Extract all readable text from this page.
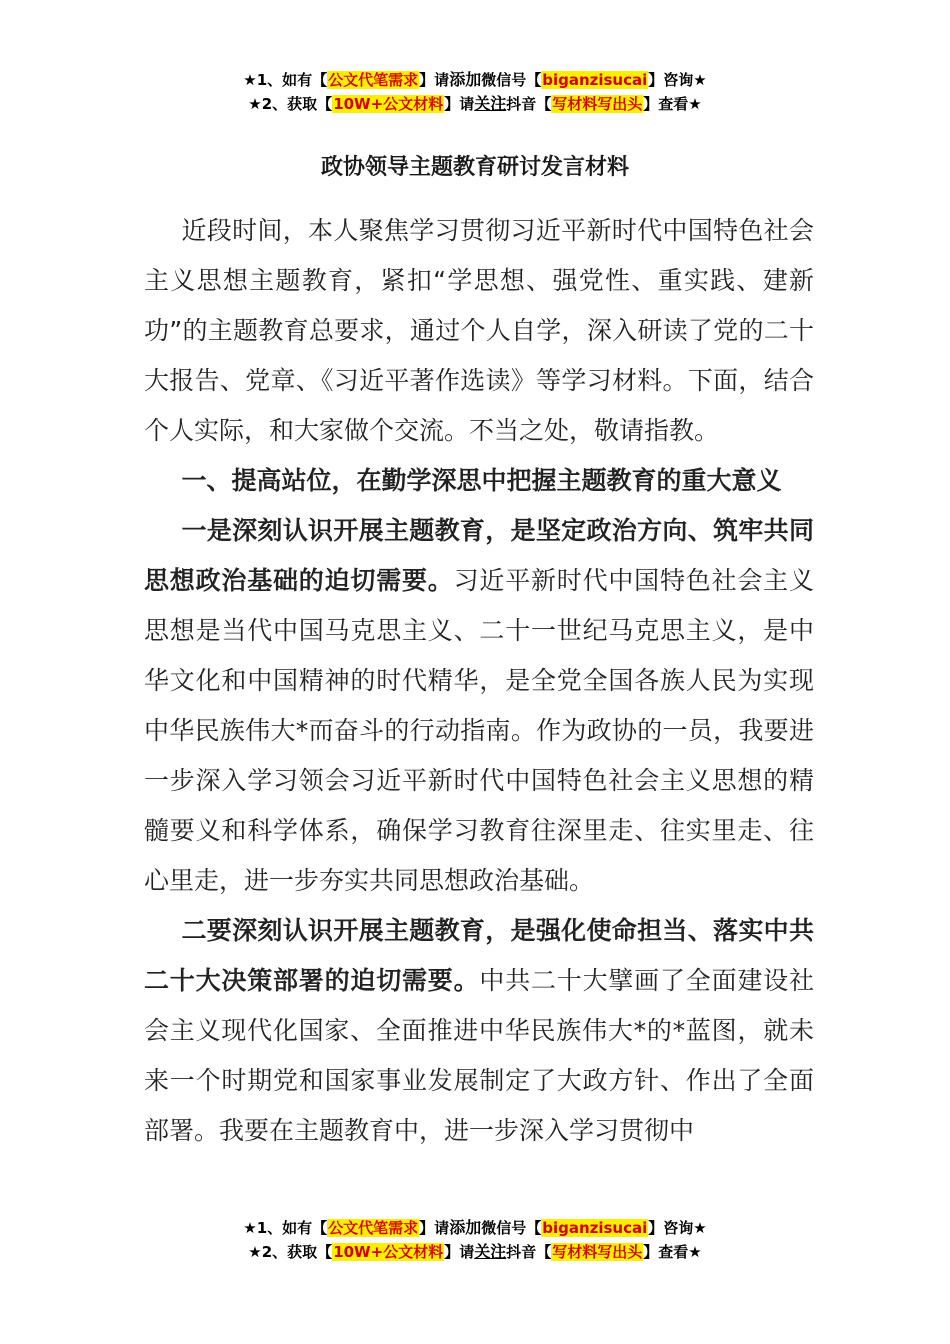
★1、如有【公文代笔需求】请添加微信号【biganzisucai】咨询★
★2、获取【10W+公文材料】请关注抖音【写材料写出头】查看★
政协领导主题教育研讨发言材料

近段时间，本人聚焦学习贯彻习近平新时代中国特色社会主义思想主题教育，紧扣“学思想、强党性、重实践、建新功”的主题教育总要求，通过个人自学，深入研读了党的二十大报告、党章、《习近平著作选读》等学习材料。下面，结合个人实际，和大家做个交流。不当之处，敬请指教。

一、提高站位，在勤学深思中把握主题教育的重大意义

一是深刻认识开展主题教育，是坚定政治方向、筑牢共同思想政治基础的迫切需要。习近平新时代中国特色社会主义思想是当代中国马克思主义、二十一世纪马克思主义，是中华文化和中国精神的时代精华，是全党全国各族人民为实现中华民族伟大*而奋斗的行动指南。作为政协的一员，我要进一步深入学习领会习近平新时代中国特色社会主义思想的精髓要义和科学体系，确保学习教育往深里走、往实里走、往心里走，进一步夯实共同思想政治基础。

二要深刻认识开展主题教育，是强化使命担当、落实中共二十大决策部署的迫切需要。中共二十大擘画了全面建设社会主义现代化国家、全面推进中华民族伟大*的*蓝图，就未来一个时期党和国家事业发展制定了大政方针、作出了全面部署。我要在主题教育中，进一步深入学习贯彻中

★1、如有【公文代笔需求】请添加微信号【biganzisucai】咨询★
★2、获取【10W+公文材料】请关注抖音【写材料写出头】查看★
